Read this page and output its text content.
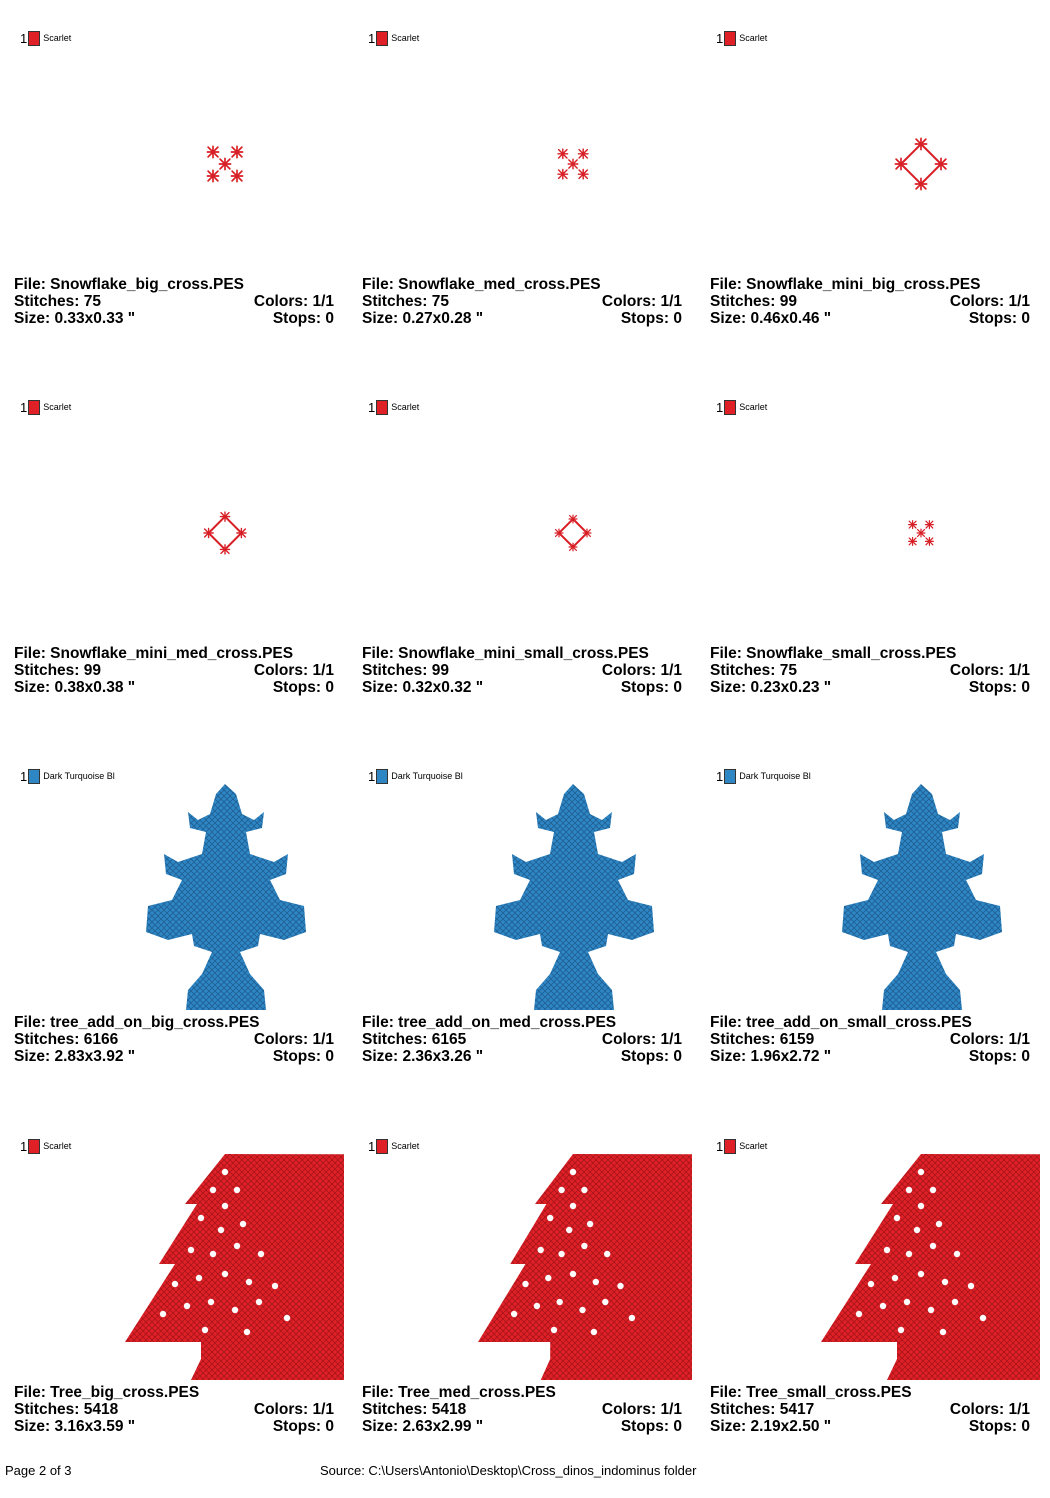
1 Scarlet
File: Snowflake_big_cross.PES
Stitches: 75	Colors: 1/1
Size: 0.33x0.33 "	Stops: 0
1 Scarlet
File: Snowflake_med_cross.PES
Stitches: 75	Colors: 1/1
Size: 0.27x0.28 "	Stops: 0
1 Scarlet
File: Snowflake_mini_big_cross.PES
Stitches: 99	Colors: 1/1
Size: 0.46x0.46 "	Stops: 0
1 Scarlet
File: Snowflake_mini_med_cross.PES
Stitches: 99	Colors: 1/1
Size: 0.38x0.38 "	Stops: 0
1 Scarlet
File: Snowflake_mini_small_cross.PES
Stitches: 99	Colors: 1/1
Size: 0.32x0.32 "	Stops: 0
1 Scarlet
File: Snowflake_small_cross.PES
Stitches: 75	Colors: 1/1
Size: 0.23x0.23 "	Stops: 0
1 Dark Turquoise Bl
File: tree_add_on_big_cross.PES
Stitches: 6166	Colors: 1/1
Size: 2.83x3.92 "	Stops: 0
1 Dark Turquoise Bl
File: tree_add_on_med_cross.PES
Stitches: 6165	Colors: 1/1
Size: 2.36x3.26 "	Stops: 0
1 Dark Turquoise Bl
File: tree_add_on_small_cross.PES
Stitches: 6159	Colors: 1/1
Size: 1.96x2.72 "	Stops: 0
1 Scarlet
File: Tree_big_cross.PES
Stitches: 5418	Colors: 1/1
Size: 3.16x3.59 "	Stops: 0
1 Scarlet
File: Tree_med_cross.PES
Stitches: 5418	Colors: 1/1
Size: 2.63x2.99 "	Stops: 0
1 Scarlet
File: Tree_small_cross.PES
Stitches: 5417	Colors: 1/1
Size: 2.19x2.50 "	Stops: 0
Page 2 of 3	Source: C:\Users\Antonio\Desktop\Cross_dinos_indominus folder
